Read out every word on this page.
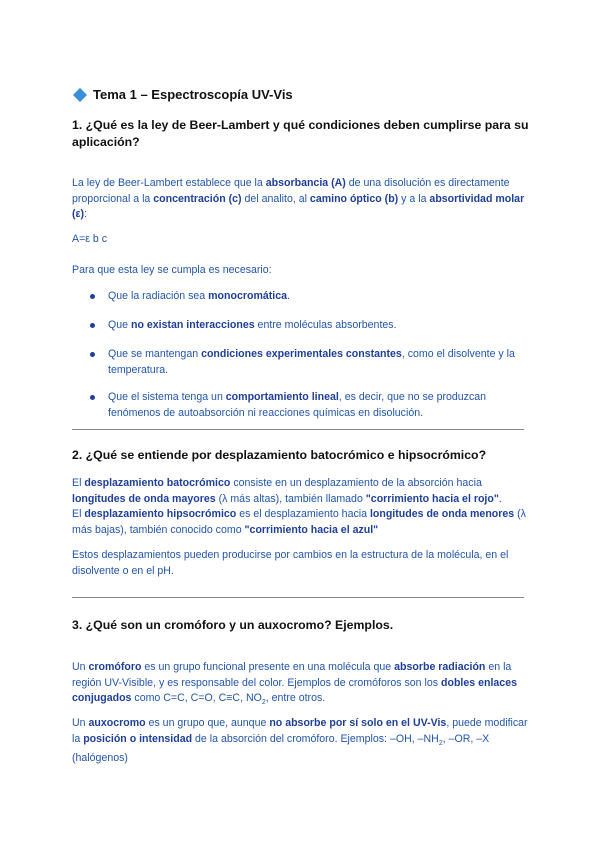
Tema 1 – Espectroscopía UV-Vis
1. ¿Qué es la ley de Beer-Lambert y qué condiciones deben cumplirse para su
aplicación?
La ley de Beer-Lambert establece que la absorbancia (A) de una disolución es directamente proporcional a la concentración (c) del analito, al camino óptico (b) y a la absortividad molar (ε):
A=ε b c
Para que esta ley se cumpla es necesario:
Que la radiación sea monocromática.
Que no existan interacciones entre moléculas absorbentes.
Que se mantengan condiciones experimentales constantes, como el disolvente y la temperatura.
Que el sistema tenga un comportamiento lineal, es decir, que no se produzcan fenómenos de autoabsorción ni reacciones químicas en disolución.
2. ¿Qué se entiende por desplazamiento batocrómico e hipsocrómico?
El desplazamiento batocrómico consiste en un desplazamiento de la absorción hacia longitudes de onda mayores (λ más altas), también llamado "corrimiento hacia el rojo".
El desplazamiento hipsocrómico es el desplazamiento hacia longitudes de onda menores (λ más bajas), también conocido como "corrimiento hacia el azul"
Estos desplazamientos pueden producirse por cambios en la estructura de la molécula, en el disolvente o en el pH.
3. ¿Qué son un cromóforo y un auxocromo? Ejemplos.
Un cromóforo es un grupo funcional presente en una molécula que absorbe radiación en la región UV-Visible, y es responsable del color. Ejemplos de cromóforos son los dobles enlaces conjugados como C=C, C=O, C≡C, $NO_2$, entre otros.
Un auxocromo es un grupo que, aunque no absorbe por sí solo en el UV-Vis, puede modificar la posición o intensidad de la absorción del cromóforo. Ejemplos: –OH, $-NH_2$, –OR, –X (halógenos)
